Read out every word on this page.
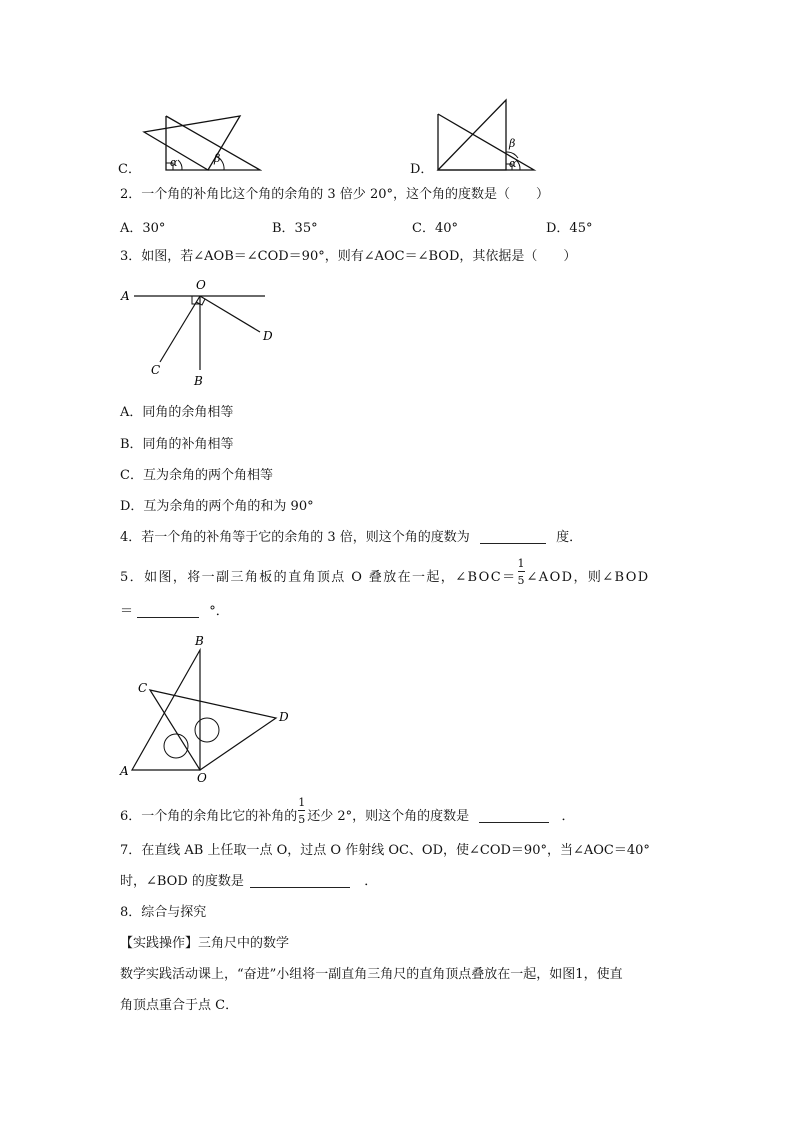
C．	α	β
D．
β
α
2．一个角的补角比这个角的余角的 3 倍少 20°，这个角的度数是（　　）
A．30°	B．35°	C．40°	D．45°
3．如图，若∠AOB＝∠COD＝90°，则有∠AOC＝∠BOD，其依据是（　　）
A
O
B
C
D
A．同角的余角相等
B．同角的补角相等
C．互为余角的两个角相等
D．互为余角的两个角的和为 90°
4．若一个角的补角等于它的余角的 3 倍，则这个角的度数为	度．
5．如图，将一副三角板的直角顶点 O 叠放在一起，∠BOC＝ $\frac{1}{5}$ ∠AOD，则∠BOD
＝	°．
B
C
D
A	O
6．一个角的余角比它的补角的 $\frac{1}{5}$ 还少 2°，则这个角的度数是	．
7．在直线 AB 上任取一点 O，过点 O 作射线 OC、OD，使∠COD＝90°，当∠AOC＝40°
时，∠BOD 的度数是	．
8．综合与探究
【实践操作】三角尺中的数学
数学实践活动课上，“奋进”小组将一副直角三角尺的直角顶点叠放在一起，如图1，使直
角顶点重合于点 C．
